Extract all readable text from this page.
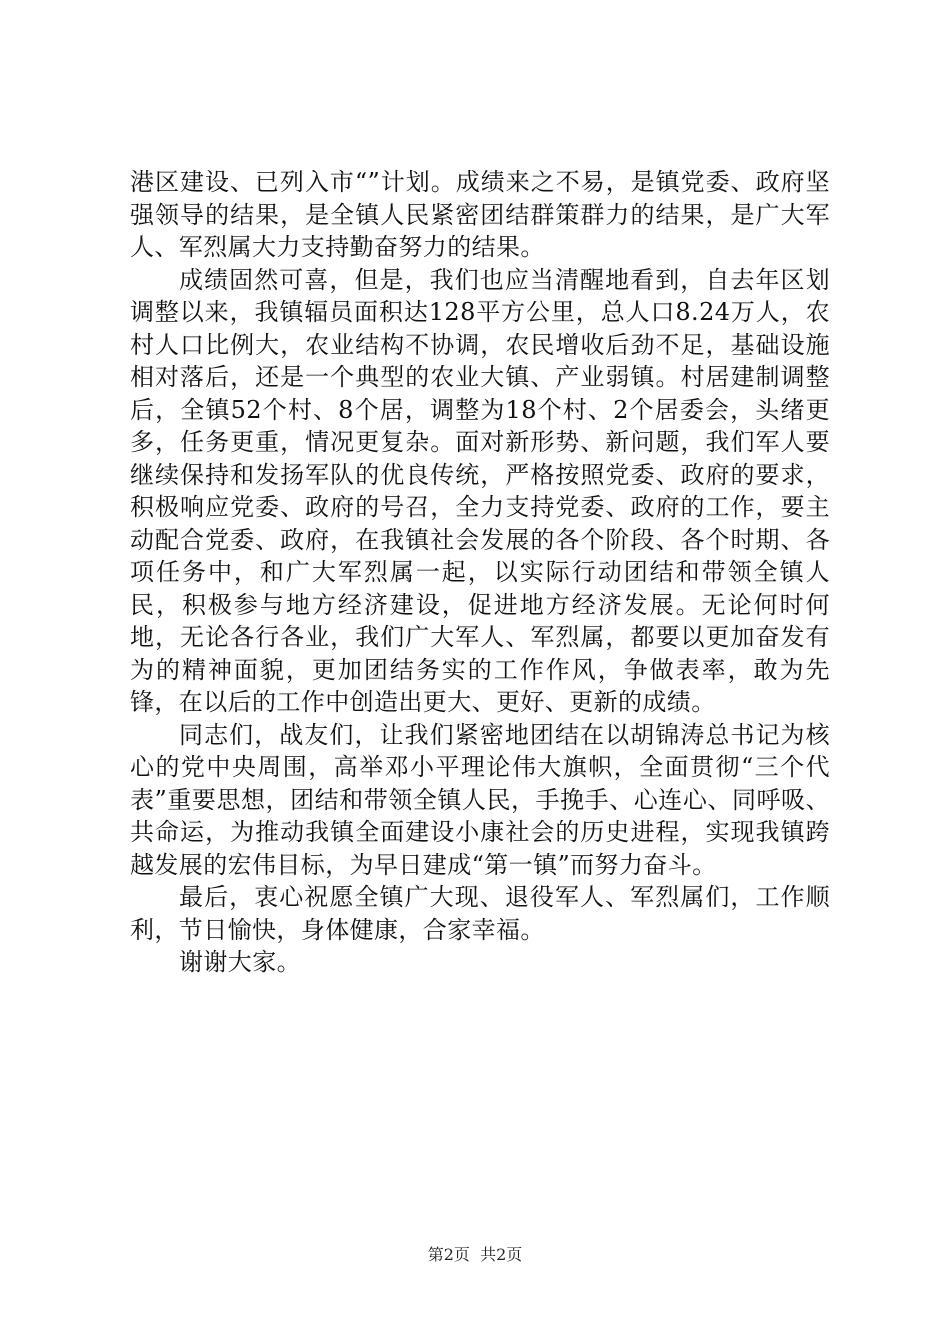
港区建设、已列入市“”计划。成绩来之不易，是镇党委、政府坚强领导的结果，是全镇人民紧密团结群策群力的结果，是广大军人、军烈属大力支持勤奋努力的结果。

成绩固然可喜，但是，我们也应当清醒地看到，自去年区划调整以来，我镇辐员面积达128平方公里，总人口8.24万人，农村人口比例大，农业结构不协调，农民增收后劲不足，基础设施相对落后，还是一个典型的农业大镇、产业弱镇。村居建制调整后，全镇52个村、8个居，调整为18个村、2个居委会，头绪更多，任务更重，情况更复杂。面对新形势、新问题，我们军人要继续保持和发扬军队的优良传统，严格按照党委、政府的要求，积极响应党委、政府的号召，全力支持党委、政府的工作，要主动配合党委、政府，在我镇社会发展的各个阶段、各个时期、各项任务中，和广大军烈属一起，以实际行动团结和带领全镇人民，积极参与地方经济建设，促进地方经济发展。无论何时何地，无论各行各业，我们广大军人、军烈属，都要以更加奋发有为的精神面貌，更加团结务实的工作作风，争做表率，敢为先锋，在以后的工作中创造出更大、更好、更新的成绩。

同志们，战友们，让我们紧密地团结在以胡锦涛总书记为核心的党中央周围，高举邓小平理论伟大旗帜，全面贯彻“三个代表”重要思想，团结和带领全镇人民，手挽手、心连心、同呼吸、共命运，为推动我镇全面建设小康社会的历史进程，实现我镇跨越发展的宏伟目标，为早日建成“第一镇”而努力奋斗。

最后，衷心祝愿全镇广大现、退役军人、军烈属们，工作顺利，节日愉快，身体健康，合家幸福。

谢谢大家。

第2页  共2页
